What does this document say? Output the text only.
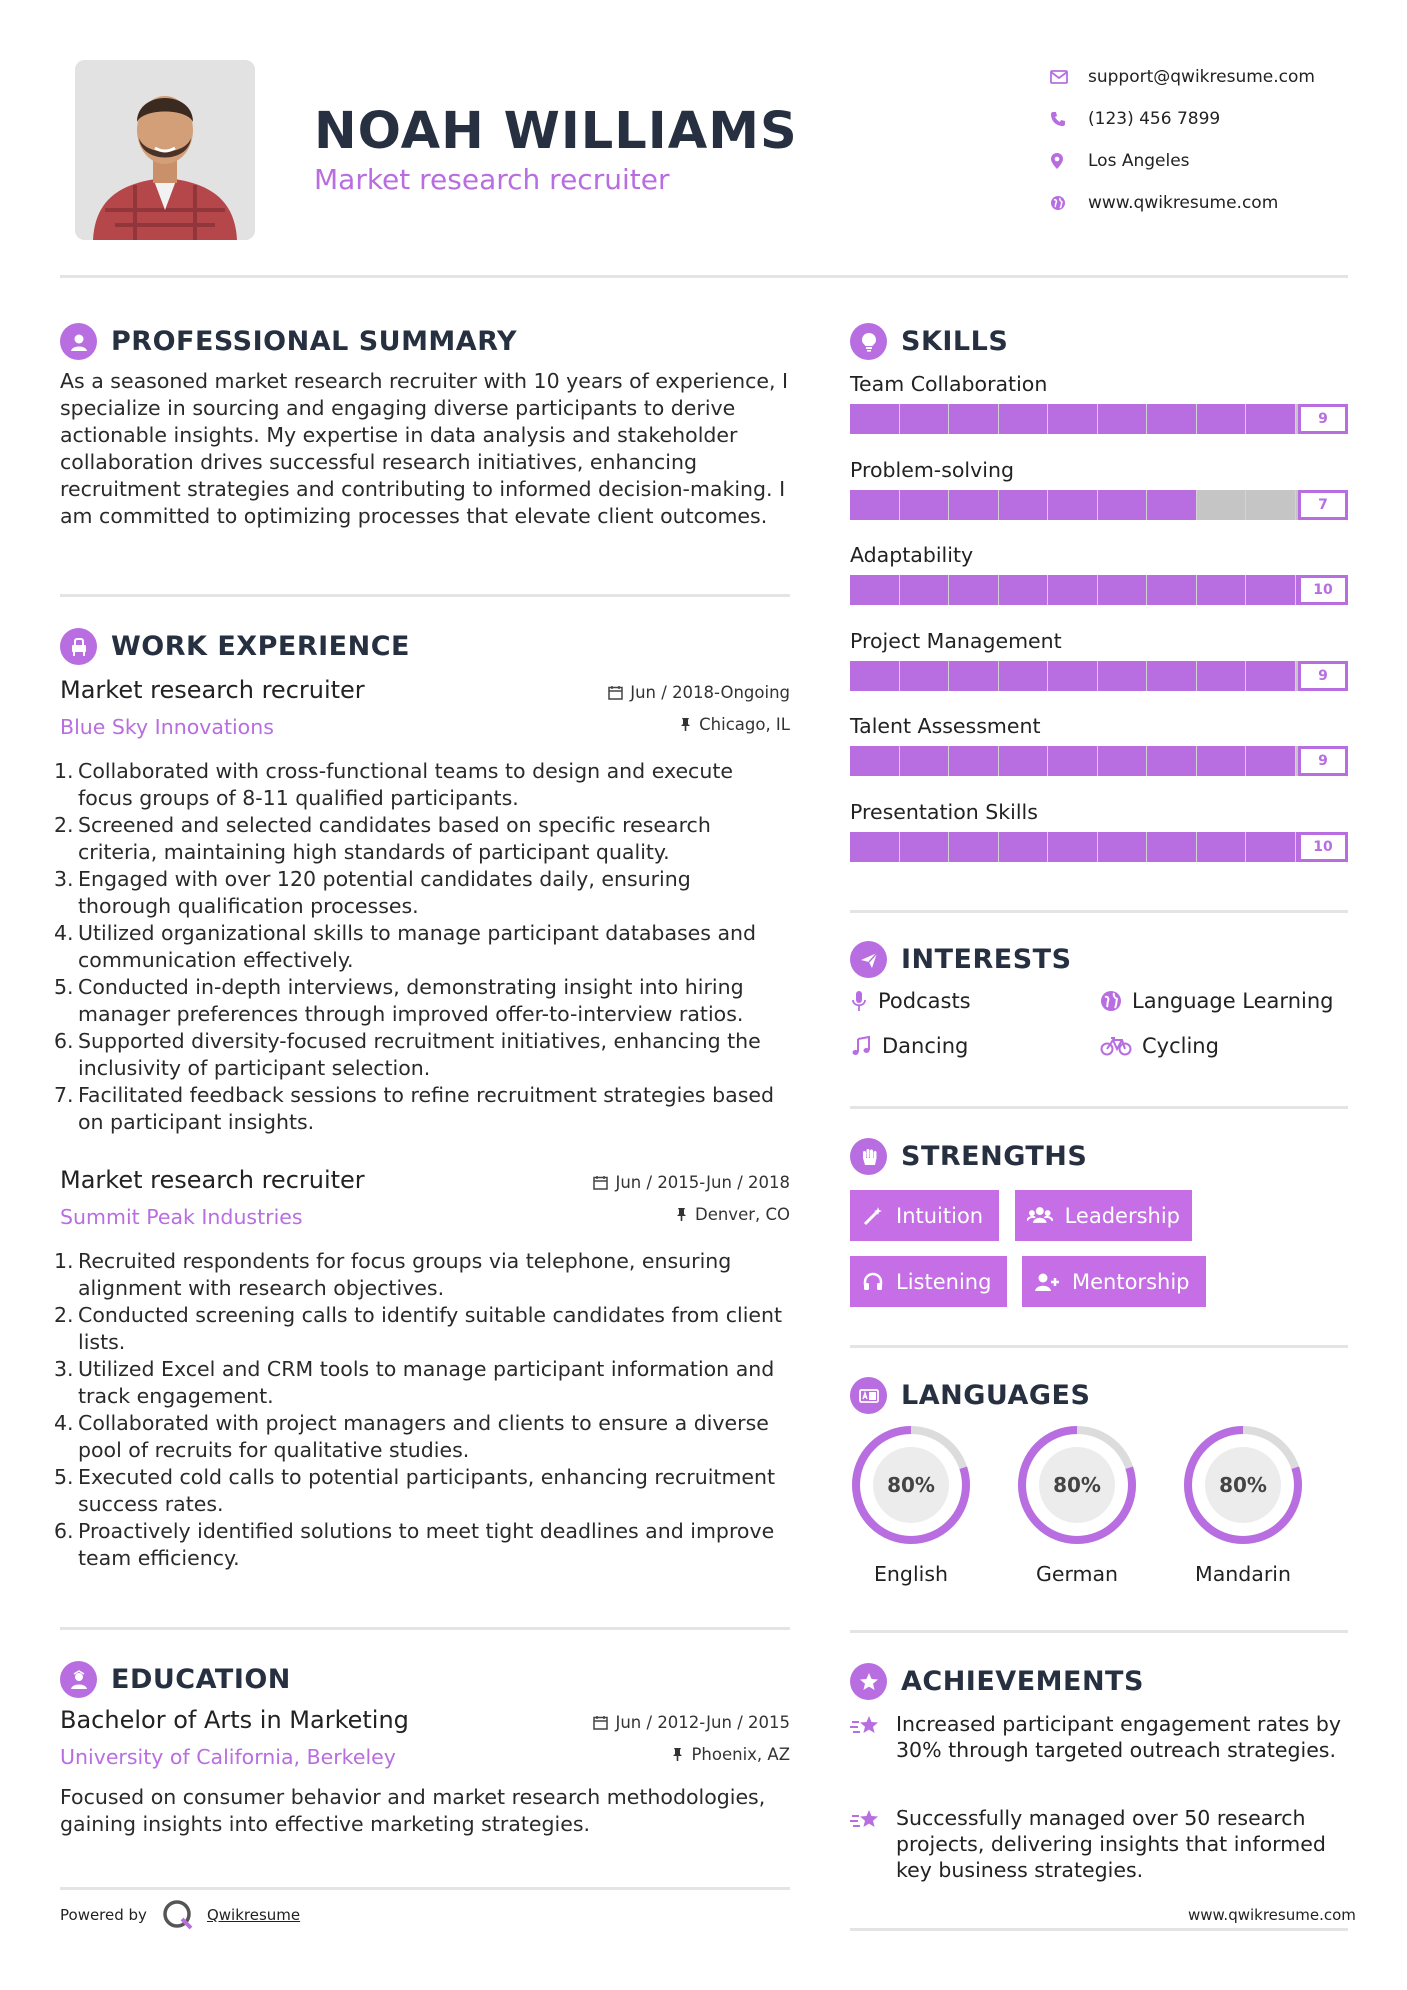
NOAH WILLIAMS
Market research recruiter
support@qwikresume.com
(123) 456 7899
Los Angeles
www.qwikresume.com
PROFESSIONAL SUMMARY
As a seasoned market research recruiter with 10 years of experience, I specialize in sourcing and engaging diverse participants to derive actionable insights. My expertise in data analysis and stakeholder collaboration drives successful research initiatives, enhancing recruitment strategies and contributing to informed decision-making. I am committed to optimizing processes that elevate client outcomes.
WORK EXPERIENCE
Market research recruiter
Blue Sky Innovations
Jun / 2018-Ongoing
Chicago, IL
1. Collaborated with cross-functional teams to design and execute focus groups of 8-11 qualified participants.
2. Screened and selected candidates based on specific research criteria, maintaining high standards of participant quality.
3. Engaged with over 120 potential candidates daily, ensuring thorough qualification processes.
4. Utilized organizational skills to manage participant databases and communication effectively.
5. Conducted in-depth interviews, demonstrating insight into hiring manager preferences through improved offer-to-interview ratios.
6. Supported diversity-focused recruitment initiatives, enhancing the inclusivity of participant selection.
7. Facilitated feedback sessions to refine recruitment strategies based on participant insights.
Market research recruiter
Summit Peak Industries
Jun / 2015-Jun / 2018
Denver, CO
1. Recruited respondents for focus groups via telephone, ensuring alignment with research objectives.
2. Conducted screening calls to identify suitable candidates from client lists.
3. Utilized Excel and CRM tools to manage participant information and track engagement.
4. Collaborated with project managers and clients to ensure a diverse pool of recruits for qualitative studies.
5. Executed cold calls to potential participants, enhancing recruitment success rates.
6. Proactively identified solutions to meet tight deadlines and improve team efficiency.
EDUCATION
Bachelor of Arts in Marketing
University of California, Berkeley
Jun / 2012-Jun / 2015
Phoenix, AZ
Focused on consumer behavior and market research methodologies, gaining insights into effective marketing strategies.
Powered by	Qwikresume
SKILLS
Team Collaboration
9
Problem-solving
7
Adaptability
10
Project Management
9
Talent Assessment
9
Presentation Skills
10
INTERESTS
Podcasts	Language Learning
Dancing	Cycling
STRENGTHS
Intuition	Leadership
Listening	Mentorship
LANGUAGES
80%
English
80%
German
80%
Mandarin
ACHIEVEMENTS
Increased participant engagement rates by 30% through targeted outreach strategies.
Successfully managed over 50 research projects, delivering insights that informed key business strategies.
www.qwikresume.com
